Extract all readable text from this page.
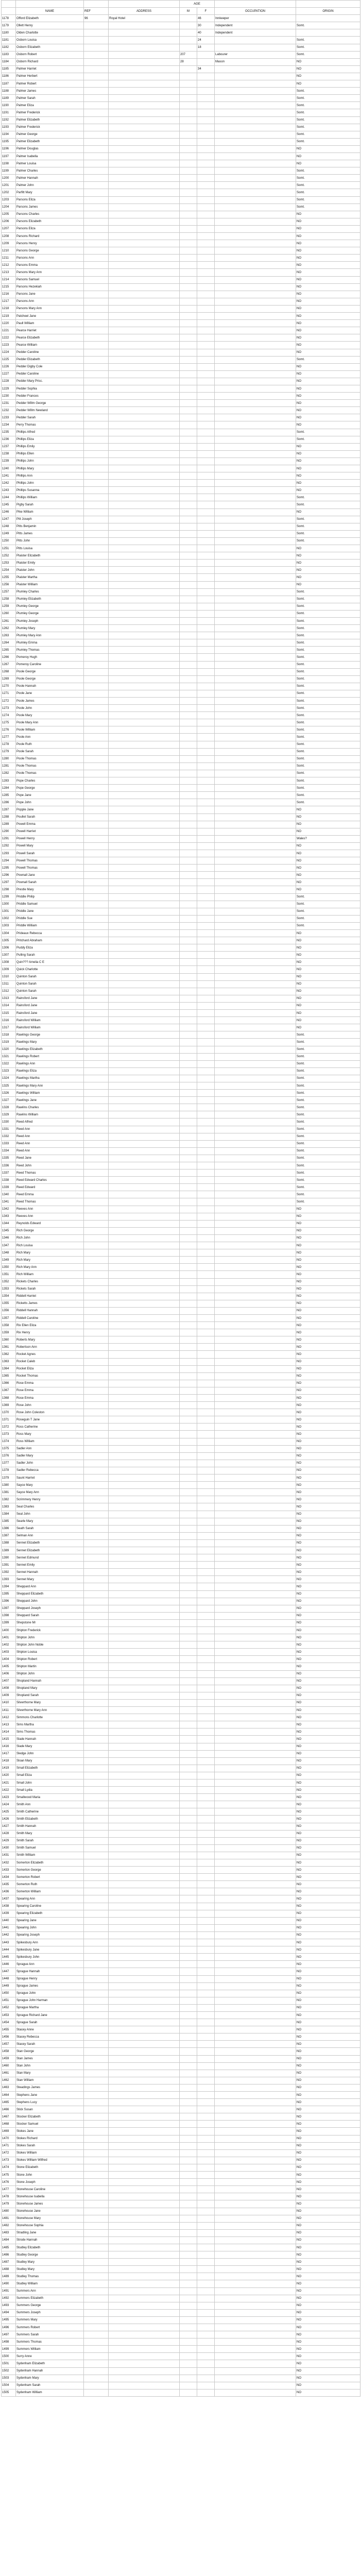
				AGE			
	NAME	REF	ADDRESS	M	F	OCCUPATION	ORIGIN
1178	Offord Elizabeth	96	Royal Hotel		46	Innkeeper	
1179	Ollett Henry				30	Independent	Somt.
1180	Olden Charlotte				40	Independent	
1181	Osborn Louisa				24		Somt.
1182	Osborn Elizabeth				18		Somt.
1183	Osborn Robert			207		Labourer	Somt.
1184	Osborn Richard			28		Mason	NO
1185	Palmer Harriet				34		NO
1186	Palmer Herbert						NO
1187	Palmer Robert						NO
1188	Palmer James						Somt.
1189	Palmer Sarah						Somt.
1190	Palmer Eliza						Somt.
1191	Palmer Frederick						Somt.
1192	Palmer Elizabeth						Somt.
1193	Palmer Frederick						Somt.
1194	Palmer George						Somt.
1195	Palmer Elizabeth						Somt.
1196	Palmer Douglas						NO
1197	Palmer Isabella						NO
1198	Palmer Louisa						NO
1199	Palmer Charles						Somt.
1200	Palmer Hannah						Somt.
1201	Palmer John						Somt.
1202	Parfitt Mary						Somt.
1203	Parsons Eliza						Somt.
1204	Parsons James						Somt.
1205	Parsons Charles						NO
1206	Parsons Elizabeth						NO
1207	Parsons Eliza						NO
1208	Parsons Richard						NO
1209	Parsons Henry						NO
1210	Parsons George						NO
1211	Parsons Ann						NO
1212	Parsons Emma						NO
1213	Parsons Mary Ann						NO
1214	Parsons Samuel						NO
1215	Parsons Hezekiah						NO
1216	Parsons Jane						NO
1217	Parsons Ann						NO
1218	Parsons Mary Ann						NO
1219	Patcheel Jane						NO
1220	Paull William						NO
1221	Pearce Harriet						NO
1222	Pearce Elizabeth						NO
1223	Pearce William						NO
1224	Pedder Caroline						NO
1225	Pedder Elizabeth						Somt.
1226	Pedder Digby Cole						NO
1227	Pedder Caroline						NO
1228	Pedder Mary Prisc.						NO
1229	Pedder Sophia						NO
1230	Pedder Frances						NO
1231	Pedder Willm George						NO
1232	Pedder Willm Newland						NO
1233	Pedder Sarah						NO
1234	Perry Thomas						NO
1235	Phillips Alfred						Somt.
1236	Phillips Eliza						Somt.
1237	Phillips Emily						NO
1238	Phillips Ellen						NO
1239	Phillips John						NO
1240	Phillips Mary						NO
1241	Phillips Ann						NO
1242	Phillips John						NO
1243	Phillips Susanna						NO
1244	Phillips William						Somt.
1245	Pigby Sarah						Somt.
1246	Pike William						NO
1247	Pitt Joseph						Somt.
1248	Pitts Benjamin						Somt.
1249	Pitts James						Somt.
1250	Pitts John						Somt.
1251	Pitts Louisa						NO
1252	Plaister Elizabeth						NO
1253	Plaister Emily						NO
1254	Plaister John						NO
1255	Plaister Martha						NO
1256	Plaister William						NO
1257	Plumley Charles						Somt.
1258	Plumley Elizabeth						Somt.
1259	Plumley George						Somt.
1260	Plumley George						Somt.
1261	Plumley Joseph						Somt.
1262	Plumley Mary						Somt.
1263	Plumley Mary Ann						Somt.
1264	Plumley Emma						Somt.
1265	Plumley Thomas						Somt.
1266	Pomeroy Hugh						Somt.
1267	Pomeroy Caroline						Somt.
1268	Poole George						Somt.
1269	Poole George						Somt.
1270	Poole Hannah						Somt.
1271	Poole Jane						Somt.
1272	Poole James						Somt.
1273	Poole John						Somt.
1274	Poole Mary						Somt.
1275	Poole Mary Ann						Somt.
1276	Poole William						Somt.
1277	Poole Ann						Somt.
1278	Poole Ruth						Somt.
1279	Poole Sarah						Somt.
1280	Poole Thomas						Somt.
1281	Poole Thomas						Somt.
1282	Poole Thomas						Somt.
1283	Pope Charles						Somt.
1284	Pope George						Somt.
1285	Pope Jane						Somt.
1286	Pope John						Somt.
1287	Popple Jane						NO
1288	Poullet Sarah						NO
1289	Powell Emma						NO
1290	Powell Harriet						NO
1291	Powell Henry						Wales?
1292	Powell Mary						NO
1293	Powell Sarah						NO
1294	Powell Thomas						NO
1295	Powell Thomas						NO
1296	Pownall Jane						NO
1297	Pownall Sarah						NO
1298	Prestle Mary						NO
1299	Priddle Philip						Somt.
1300	Priddle Samuel						Somt.
1301	Priddle Jane						Somt.
1302	Priddle Sue						Somt.
1303	Priddle William						Somt.
1304	Prideaux Rebecca						NO
1305	Pritchard Abraham						NO
1306	Puddy Eliza						NO
1307	Pulling Sarah						NO
1308	Quin??? Amelia C E						NO
1309	Quick Charlotte						NO
1310	Quinton Sarah						NO
1311	Quinton Sarah						NO
1312	Quinton Sarah						NO
1313	Rainsford Jane						NO
1314	Rainsford Jane						NO
1315	Rainsford Jane						NO
1316	Rainsford William						NO
1317	Rainsford William						NO
1318	Rawlings George						Somt.
1319	Rawlings Mary						Somt.
1320	Rawlings Elizabeth						Somt.
1321	Rawlings Robert						Somt.
1322	Rawlings Ann						Somt.
1323	Rawlings Eliza						Somt.
1324	Rawlings Martha						Somt.
1325	Rawlings Mary Ann						Somt.
1326	Rawlings William						Somt.
1327	Rawlings Jane						Somt.
1328	Rawlins Charles						Somt.
1329	Rawlins William						Somt.
1330	Reed Alfred						Somt.
1331	Reed Ann						Somt.
1332	Reed Ann						Somt.
1333	Reed Ann						Somt.
1334	Reed Ann						Somt.
1335	Reed Jane						Somt.
1336	Reed John						Somt.
1337	Reed Thomas						Somt.
1338	Reed Edward Charles						Somt.
1339	Reed Edward						Somt.
1340	Reed Emma						Somt.
1341	Reed Thomas						Somt.
1342	Reeves Ann						NO
1343	Reeves Ann						NO
1344	Reynolds Edward						NO
1345	Rich George						NO
1346	Rich John						NO
1347	Rich Louisa						NO
1348	Rich Mary						NO
1349	Rich Mary						NO
1350	Rich Mary Ann						NO
1351	Rich William						NO
1352	Rickets Charles						NO
1353	Rickets Sarah						NO
1354	Riddell Harriet						NO
1355	Ricketts James						NO
1356	Riddell Hannah						NO
1357	Riddell Caroline						NO
1358	Rix Ellen Eliza						NO
1359	Rix Henry						NO
1360	Roberts Mary						NO
1361	Robertson Ann						NO
1362	Rocket Agnes						NO
1363	Rocket Caleb						NO
1364	Rocket Eliza						NO
1365	Rocket Thomas						NO
1366	Rose Emma						NO
1367	Rose Emma						NO
1368	Rose Emma						NO
1369	Rose John						NO
1370	Rose John Coleston						NO
1371	Roseguin T Jane						NO
1372	Ross Catherine						NO
1373	Ross Mary						NO
1374	Ross William						NO
1375	Sadler Ann						NO
1376	Sadler Mary						NO
1377	Sadler John						NO
1378	Sadler Rebecca						NO
1379	Saunt Harriet						NO
1380	Sayce Mary						NO
1381	Sayce Mary Ann						NO
1382	Scrimmery Henry						NO
1383	Seal Charles						NO
1384	Seal John						NO
1385	Searle Mary						NO
1386	Seath Sarah						NO
1387	Selman Ann						NO
1388	Sennet Elizabeth						NO
1389	Sennet Elizabeth						NO
1390	Sennet Edmund						NO
1391	Sennet Emily						NO
1392	Sennet Hannah						NO
1393	Sennet Mary						NO
1394	Sheppard Ann						NO
1395	Sheppard Elizabeth						NO
1396	Sheppard John						NO
1397	Sheppard Joseph						NO
1398	Sheppard Sarah						NO
1399	Shepstone Mr						NO
1400	Shipton Frederick						NO
1401	Shipton John						NO
1402	Shipton John Noble						NO
1403	Shipton Louisa						NO
1404	Shipton Robert						NO
1405	Shipton Martin						NO
1406	Shipton John						NO
1407	Shopland Hannah						NO
1408	Shopland Mary						NO
1409	Shopland Sarah						NO
1410	Silverthorne Mary						NO
1411	Silverthorne Mary Ann						NO
1412	Simmons Charlotte						NO
1413	Sims Martha						NO
1414	Sims Thomas						NO
1415	Slade Hannah						NO
1416	Slade Mary						NO
1417	Sledge John						NO
1418	Sloan Mary						NO
1419	Small Elizabeth						NO
1420	Small Eliza						NO
1421	Small John						NO
1422	Small Lydia						NO
1423	Smallwood Maria						NO
1424	Smith Ann						NO
1425	Smith Catherine						NO
1426	Smith Elizabeth						NO
1427	Smith Hannah						NO
1428	Smith Mary						NO
1429	Smith Sarah						NO
1430	Smith Samuel						NO
1431	Smith William						NO
1432	Somerton Elizabeth						NO
1433	Somerton George						NO
1434	Somerton Robert						NO
1435	Somerton Ruth						NO
1436	Somerton William						NO
1437	Spearing Ann						NO
1438	Spearing Caroline						NO
1439	Spearing Elizabeth						NO
1440	Spearing Jane						NO
1441	Spearing John						NO
1442	Spearing Joseph						NO
1443	Spikesbury Ann						NO
1444	Spikesbury Jane						NO
1445	Spikesbury John						NO
1446	Sprague Ann						NO
1447	Sprague Hannah						NO
1448	Sprague Henry						NO
1449	Sprague James						NO
1450	Sprague John						NO
1451	Sprague John Harman						NO
1452	Sprague Martha						NO
1453	Sprague Richard Jane						NO
1454	Sprague Sarah						NO
1455	Stacey Anne						NO
1456	Stacey Rebecca						NO
1457	Stacey Sarah						NO
1458	Stan George						NO
1459	Stan James						NO
1460	Stan John						NO
1461	Stan Mary						NO
1462	Stan William						NO
1463	Steadings James						NO
1464	Stephens Jane						NO
1465	Stephens Lucy						NO
1466	Stick Susan						NO
1467	Stocker Elizabeth						NO
1468	Stocker Samuel						NO
1469	Stokes Jane						NO
1470	Stokes Richard						NO
1471	Stokes Sarah						NO
1472	Stokes William						NO
1473	Stokes William Wilfred						NO
1474	Stone Elizabeth						NO
1475	Stone John						NO
1476	Stone Joseph						NO
1477	Stonehouse Caroline						NO
1478	Stonehouse Isabella						NO
1479	Stonehouse James						NO
1480	Stonehouse Jane						NO
1481	Stonehouse Mary						NO
1482	Stonehouse Sophia						NO
1483	Stradling Jane						NO
1484	Strode Hannah						NO
1485	Studley Elizabeth						NO
1486	Studley George						NO
1487	Studley Mary						NO
1488	Studley Mary						NO
1489	Studley Thomas						NO
1490	Studley William						NO
1491	Summers Ann						NO
1492	Summers Elizabeth						NO
1493	Summers George						NO
1494	Summers Joseph						NO
1495	Summers Mary						NO
1496	Summers Robert						NO
1497	Summers Sarah						NO
1498	Summers Thomas						NO
1499	Summers William						NO
1500	Surry Anne						NO
1501	Sydenham Elizabeth						NO
1502	Sydenham Hannah						NO
1503	Sydenham Mary						NO
1504	Sydenham Sarah						NO
1505	Sydenham William						NO
